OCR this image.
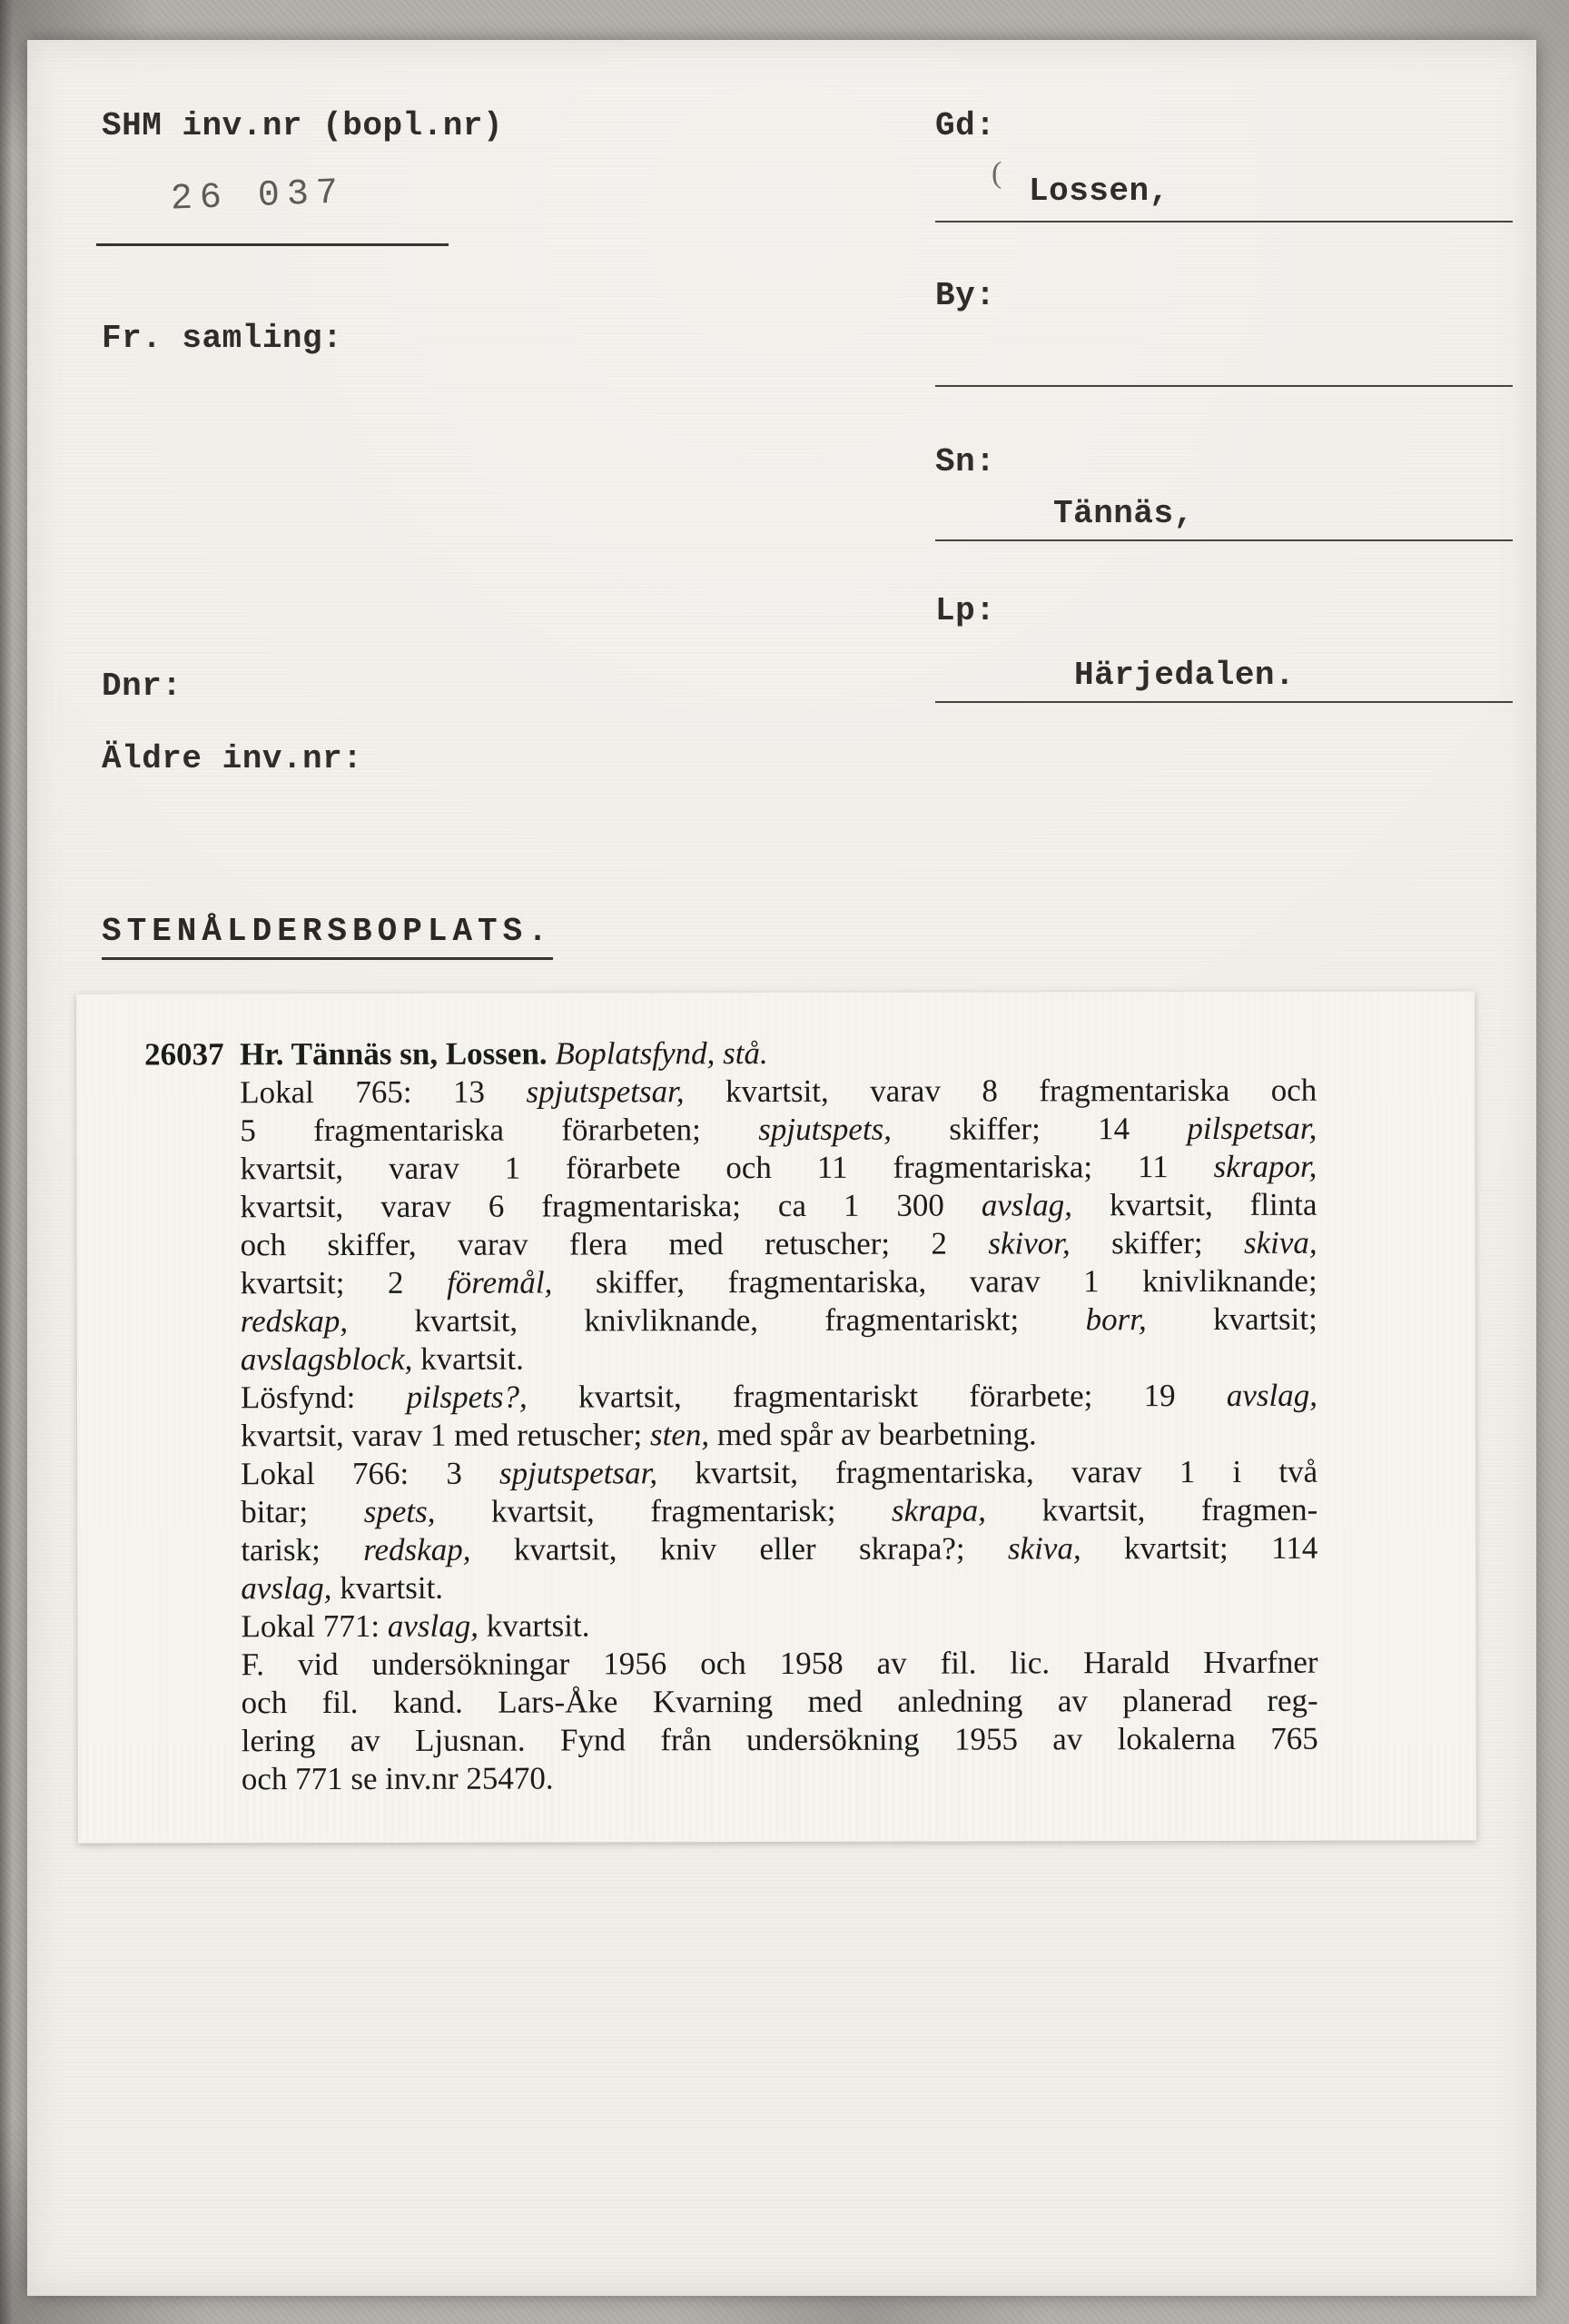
SHM inv.nr (bopl.nr)
26 037
Fr. samling:
Dnr:
Äldre inv.nr:
Gd:
( Lossen,
By:
Sn:
Tännäs,
Lp:
Härjedalen.
STENÅLDERSBOPLATS.
26037 Hr. Tännäs sn, Lossen. Boplatsfynd, stå.
Lokal 765: 13 spjutspetsar, kvartsit, varav 8 fragmentariska och
5 fragmentariska förarbeten; spjutspets, skiffer; 14 pilspetsar,
kvartsit, varav 1 förarbete och 11 fragmentariska; 11 skrapor,
kvartsit, varav 6 fragmentariska; ca 1 300 avslag, kvartsit, flinta
och skiffer, varav flera med retuscher; 2 skivor, skiffer; skiva,
kvartsit; 2 föremål, skiffer, fragmentariska, varav 1 knivliknande;
redskap, kvartsit, knivliknande, fragmentariskt; borr, kvartsit;
avslagsblock, kvartsit.
Lösfynd: pilspets?, kvartsit, fragmentariskt förarbete; 19 avslag,
kvartsit, varav 1 med retuscher; sten, med spår av bearbetning.
Lokal 766: 3 spjutspetsar, kvartsit, fragmentariska, varav 1 i två
bitar; spets, kvartsit, fragmentarisk; skrapa, kvartsit, fragmen-
tarisk; redskap, kvartsit, kniv eller skrapa?; skiva, kvartsit; 114
avslag, kvartsit.
Lokal 771: avslag, kvartsit.
F. vid undersökningar 1956 och 1958 av fil. lic. Harald Hvarfner
och fil. kand. Lars-Åke Kvarning med anledning av planerad reg-
lering av Ljusnan. Fynd från undersökning 1955 av lokalerna 765
och 771 se inv.nr 25470.
